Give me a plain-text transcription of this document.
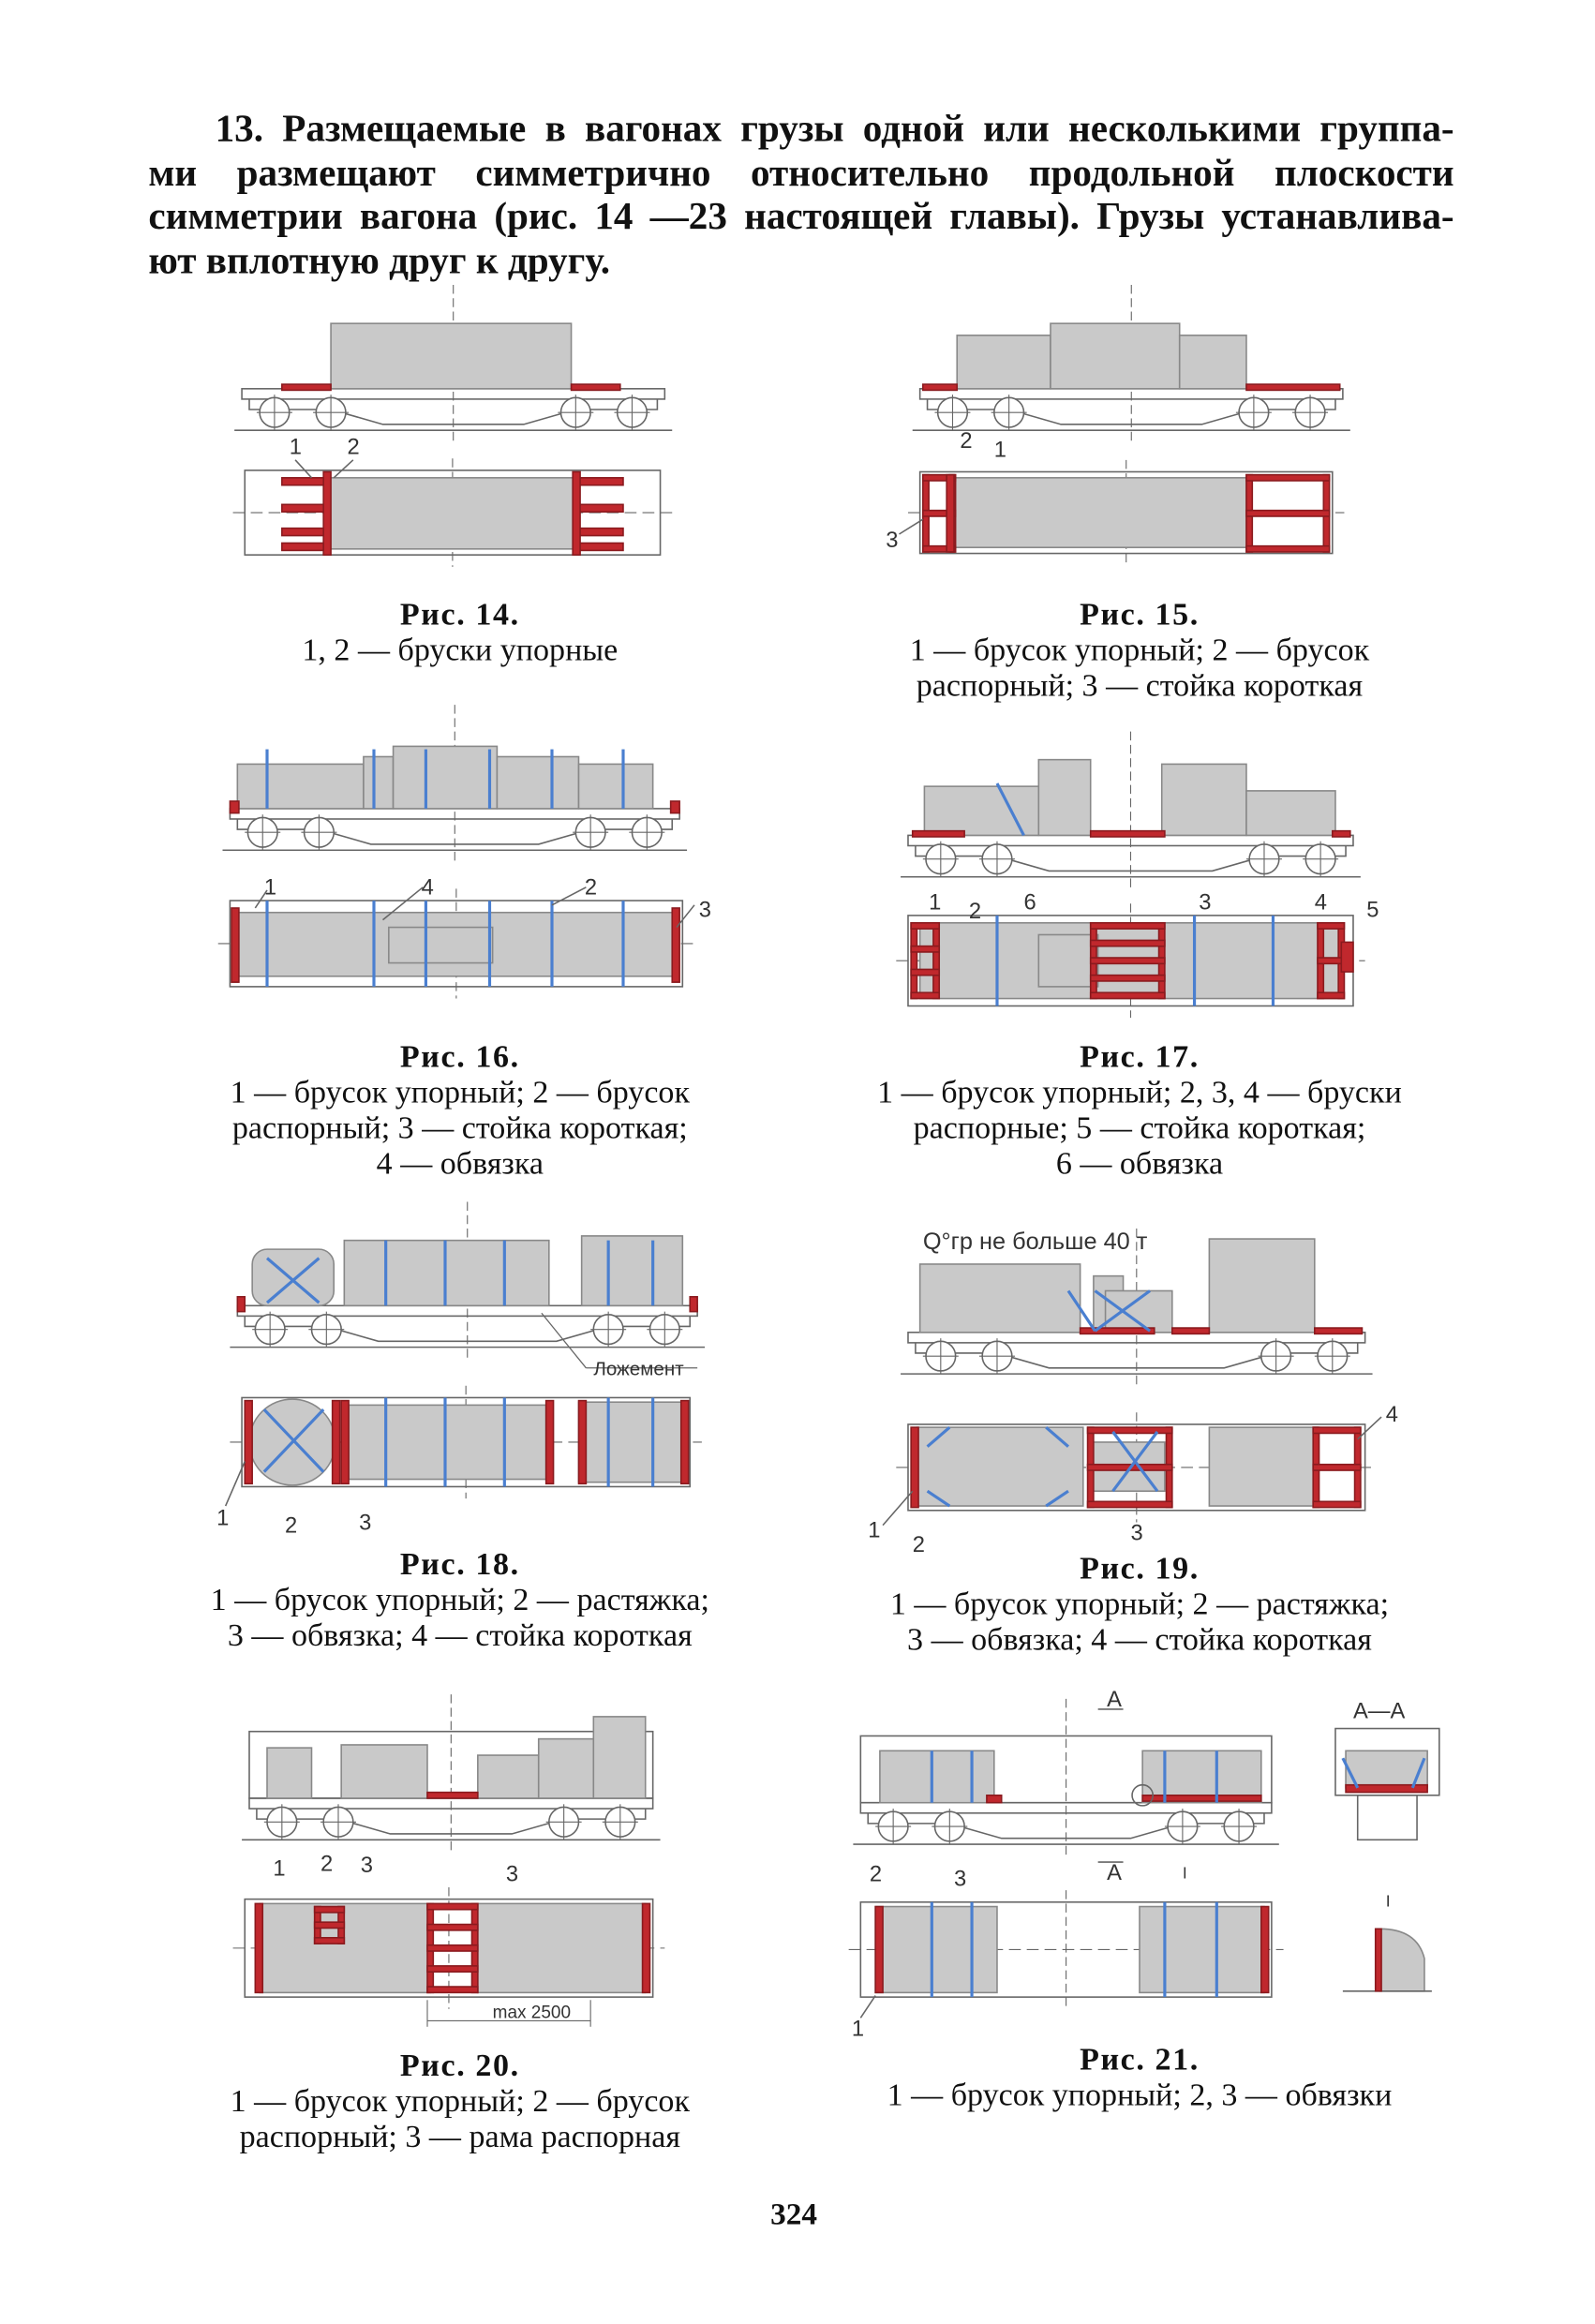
13. Размещаемые в вагонах грузы одной или несколькими группа-
ми размещают симметрично относительно продольной плоскости
симметрии вагона (рис. 14 —23 настоящей главы). Грузы устанавлива-
ют вплотную друг к другу.
1	2	2 1
3
1	4	2
3	1 2	6	3	4	5
Ложемент
1	2	3
Q°гр не больше 40 т
1
2	3
4
1 2 3	3
max 2500
2	3
1
A
A	I
I
A—A
Рис. 14.
1, 2 — бруски упорные
Рис. 15.
1 — брусок упорный; 2 — брусок
распорный; 3 — стойка короткая
Рис. 16.
1 — брусок упорный; 2 — брусок
распорный; 3 — стойка короткая;
4 — обвязка
Рис. 17.
1 — брусок упорный; 2, 3, 4 — бруски
распорные; 5 — стойка короткая;
6 — обвязка
Рис. 18.
1 — брусок упорный; 2 — растяжка;
3 — обвязка; 4 — стойка короткая
Рис. 19.
1 — брусок упорный; 2 — растяжка;
3 — обвязка; 4 — стойка короткая
Рис. 20.
1 — брусок упорный; 2 — брусок
распорный; 3 — рама распорная
Рис. 21.
1 — брусок упорный; 2, 3 — обвязки
324
